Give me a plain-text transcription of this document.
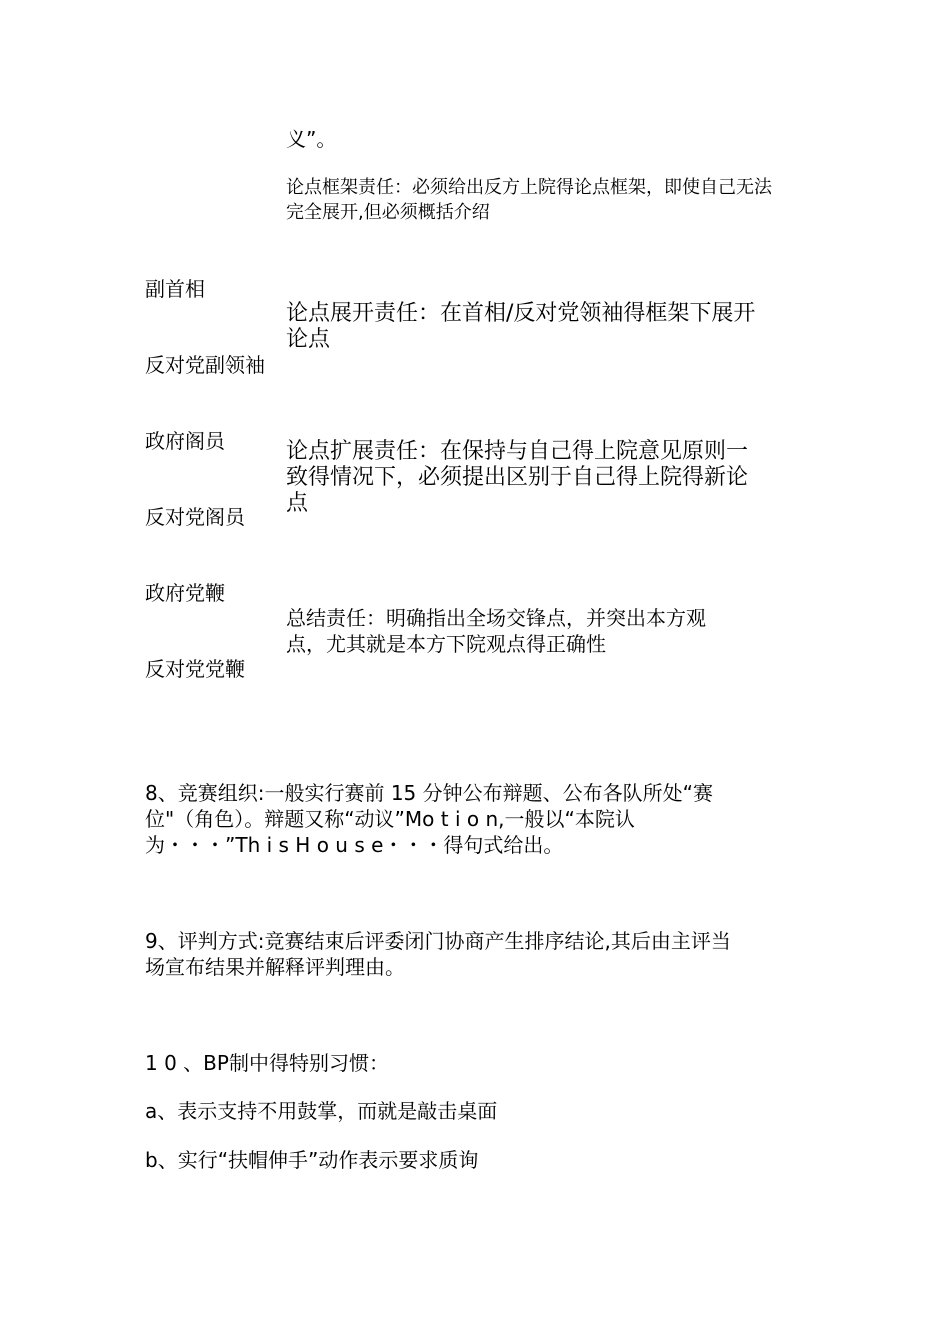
义”。

论点框架责任：必须给出反方上院得论点框架，即使自己无法
完全展开,但必须概括介绍

副首相

反对党副领袖

政府阁员

反对党阁员

政府党鞭

反对党党鞭

论点展开责任：在首相/反对党领袖得框架下展开
论点
论点扩展责任：在保持与自己得上院意见原则一
致得情况下，必须提出区别于自己得上院得新论
点
总结责任：明确指出全场交锋点，并突出本方观
点，尤其就是本方下院观点得正确性
8、竞赛组织:一般实行赛前 15 分钟公布辩题、公布各队所处“赛
位"（角色）。辩题又称“动议”Mo t i o n,一般以“本院认
为・・・”Th i s H o u s e・・・得句式给出。
9、评判方式:竞赛结束后评委闭门协商产生排序结论,其后由主评当
场宣布结果并解释评判理由。

1 0 、BP制中得特别习惯：

a、表示支持不用鼓掌，而就是敲击桌面

b、实行“扶帽伸手”动作表示要求质询
